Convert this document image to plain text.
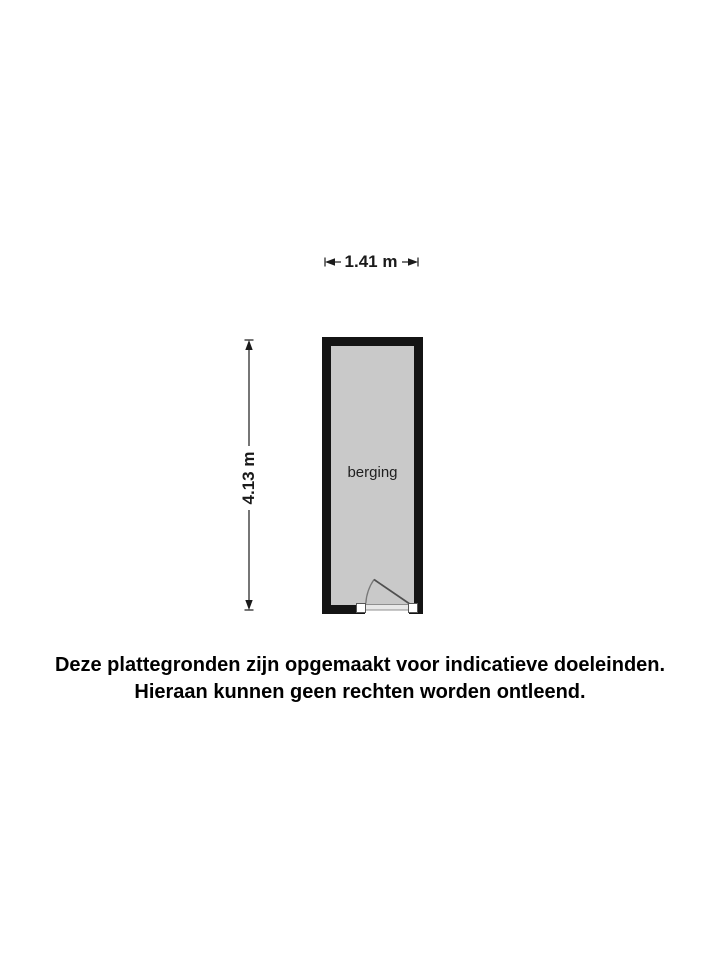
1.41 m
4.13 m	berging
Deze plattegronden zijn opgemaakt voor indicatieve doeleinden.
Hieraan kunnen geen rechten worden ontleend.
